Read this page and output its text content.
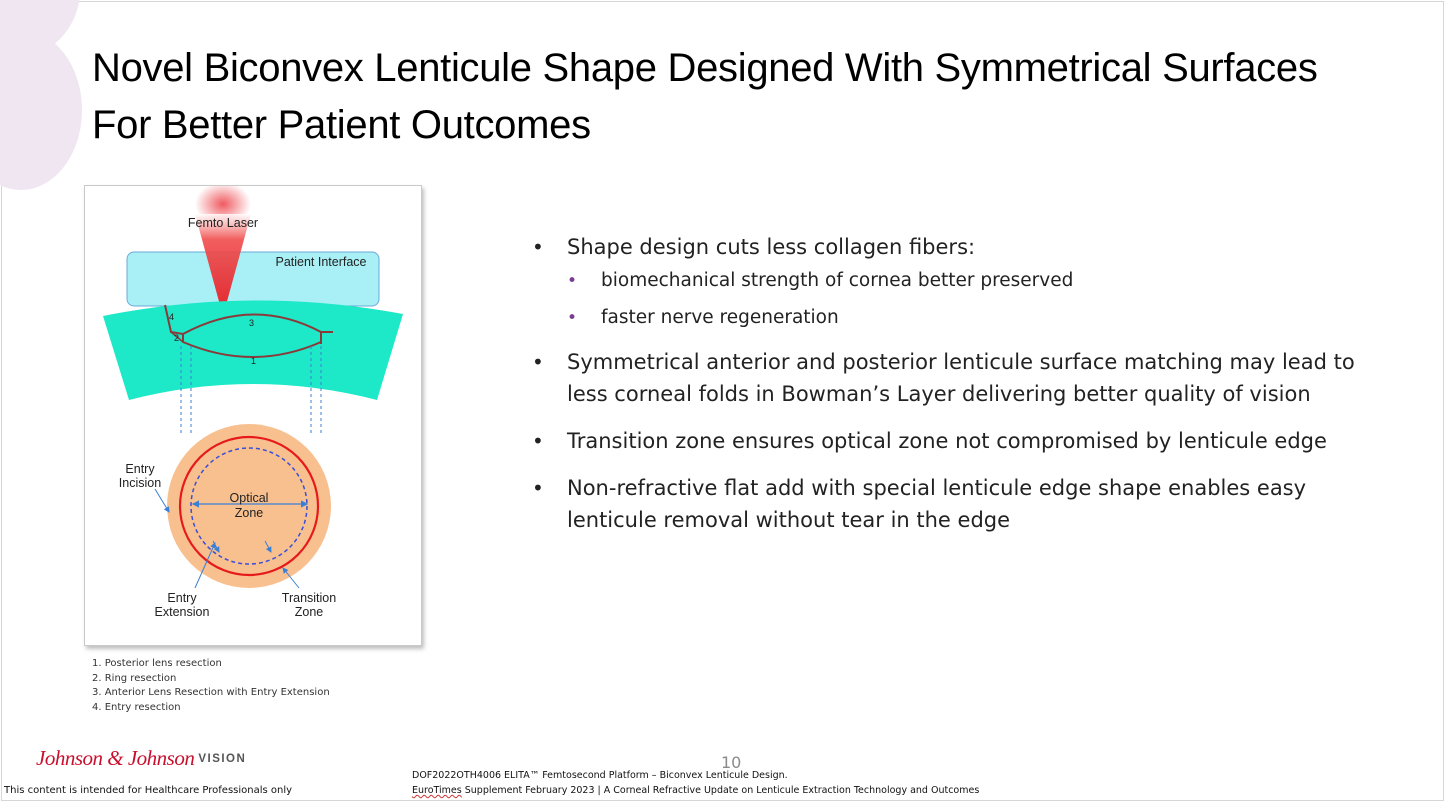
Novel Biconvex Lenticule Shape Designed With Symmetrical Surfaces
For Better Patient Outcomes
1
2
3
4
Optical
Zone
Entry
Incision
Entry
Extension
Transition
Zone
Femto Laser
Patient Interface
1. Posterior lens resection
2. Ring resection
3. Anterior Lens Resection with Entry Extension
4. Entry resection
• Shape design cuts less collagen fibers:
• biomechanical strength of cornea better preserved
• faster nerve regeneration
• Symmetrical anterior and posterior lenticule surface matching may lead to less corneal folds in Bowman’s Layer delivering better quality of vision
• Transition zone ensures optical zone not compromised by lenticule edge
• Non-refractive flat add with special lenticule edge shape enables easy lenticule removal without tear in the edge
Johnson & Johnson VISION
This content is intended for Healthcare Professionals only
10
DOF2022OTH4006 ELITA™ Femtosecond Platform – Biconvex Lenticule Design.
EuroTimes Supplement February 2023 | A Corneal Refractive Update on Lenticule Extraction Technology and Outcomes
